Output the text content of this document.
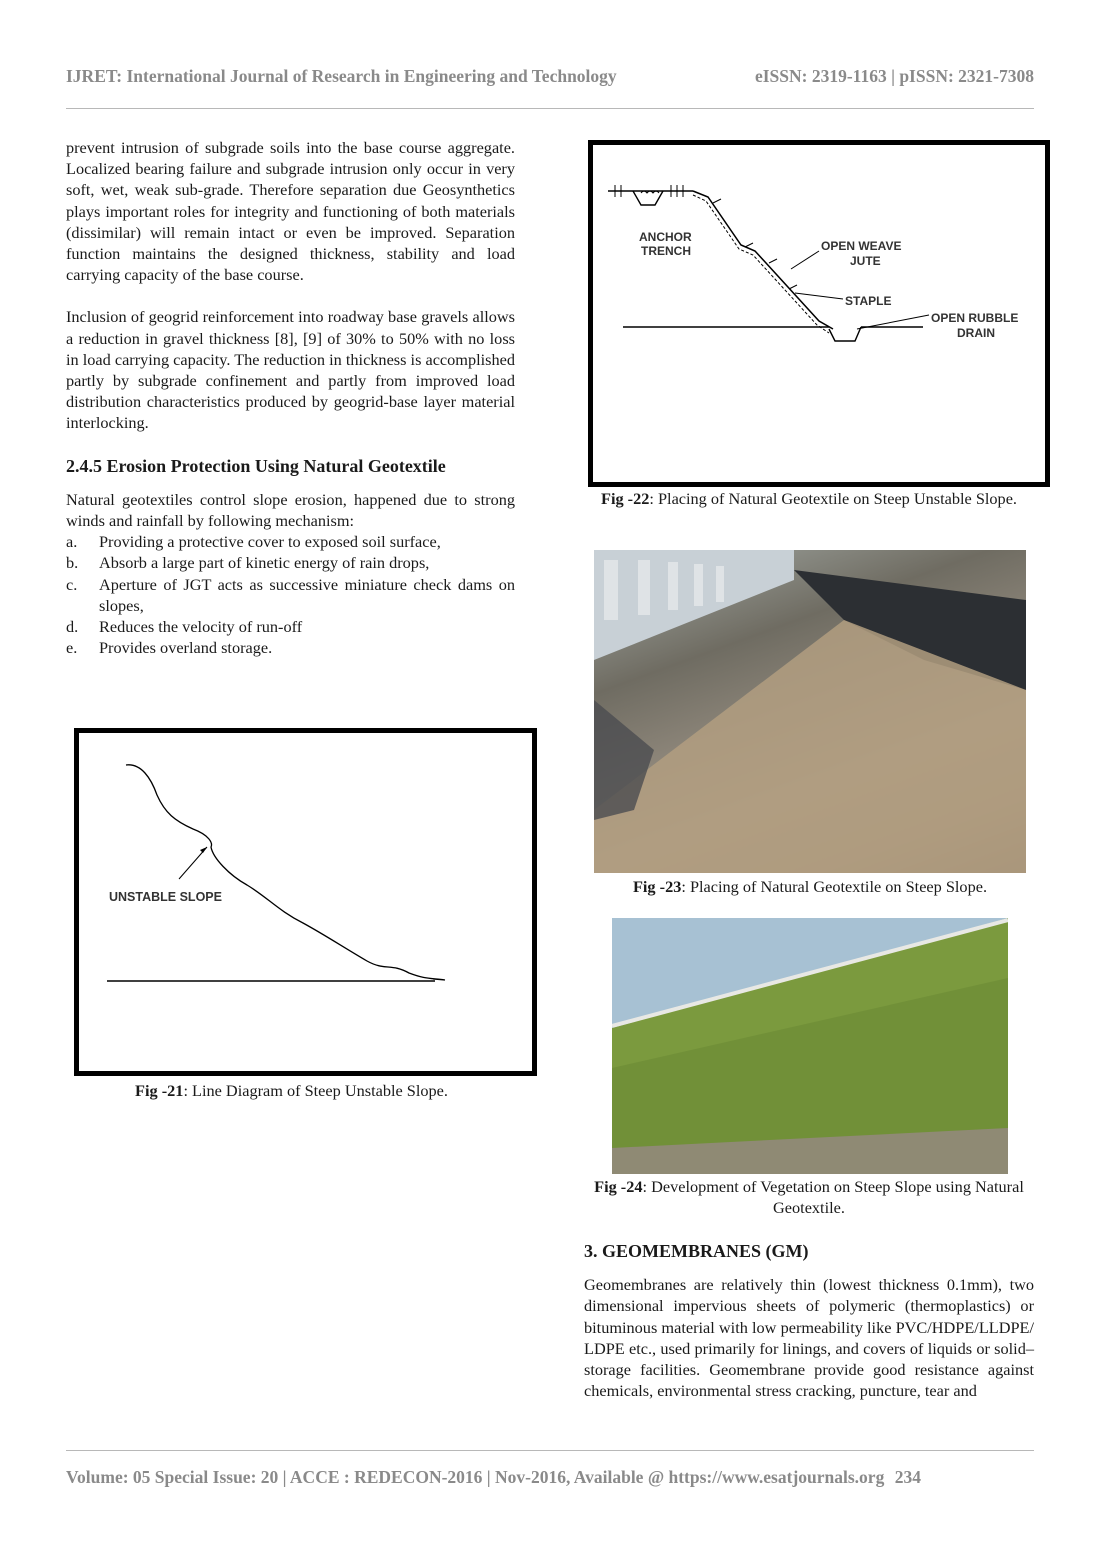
IJRET: International Journal of Research in Engineering and Technology	eISSN: 2319-1163 | pISSN: 2321-7308

prevent intrusion of subgrade soils into the base course aggregate. Localized bearing failure and subgrade intrusion only occur in very soft, wet, weak sub-grade. Therefore separation due Geosynthetics plays important roles for integrity and functioning of both materials (dissimilar) will remain intact or even be improved. Separation function maintains the designed thickness, stability and load carrying capacity of the base course.

Inclusion of geogrid reinforcement into roadway base gravels allows a reduction in gravel thickness [8], [9] of 30% to 50% with no loss in load carrying capacity. The reduction in thickness is accomplished partly by subgrade confinement and partly from improved load distribution characteristics produced by geogrid-base layer material interlocking.

2.4.5 Erosion Protection Using Natural Geotextile

Natural geotextiles control slope erosion, happened due to strong winds and rainfall by following mechanism:

a.	Providing a protective cover to exposed soil surface,
b.	Absorb a large part of kinetic energy of rain drops,
c.	Aperture of JGT acts as successive miniature check dams on slopes,
d.	Reduces the velocity of run-off
e.	Provides overland storage.
UNSTABLE SLOPE
Fig -21: Line Diagram of Steep Unstable Slope.
ANCHOR
TRENCH	OPEN WEAVE
JUTE
STAPLE
OPEN RUBBLE
DRAIN
Fig -22: Placing of Natural Geotextile on Steep Unstable Slope.
Fig -23: Placing of Natural Geotextile on Steep Slope.
Fig -24: Development of Vegetation on Steep Slope using Natural Geotextile.
3. GEOMEMBRANES (GM)

Geomembranes are relatively thin (lowest thickness 0.1mm), two dimensional impervious sheets of polymeric (thermoplastics) or bituminous material with low permeability like PVC/HDPE/LLDPE/ LDPE etc., used primarily for linings, and covers of liquids or solid–storage facilities. Geomembrane provide good resistance against chemicals, environmental stress cracking, puncture, tear and

Volume: 05 Special Issue: 20 | ACCE : REDECON-2016 | Nov-2016, Available @ https://www.esatjournals.org 234
